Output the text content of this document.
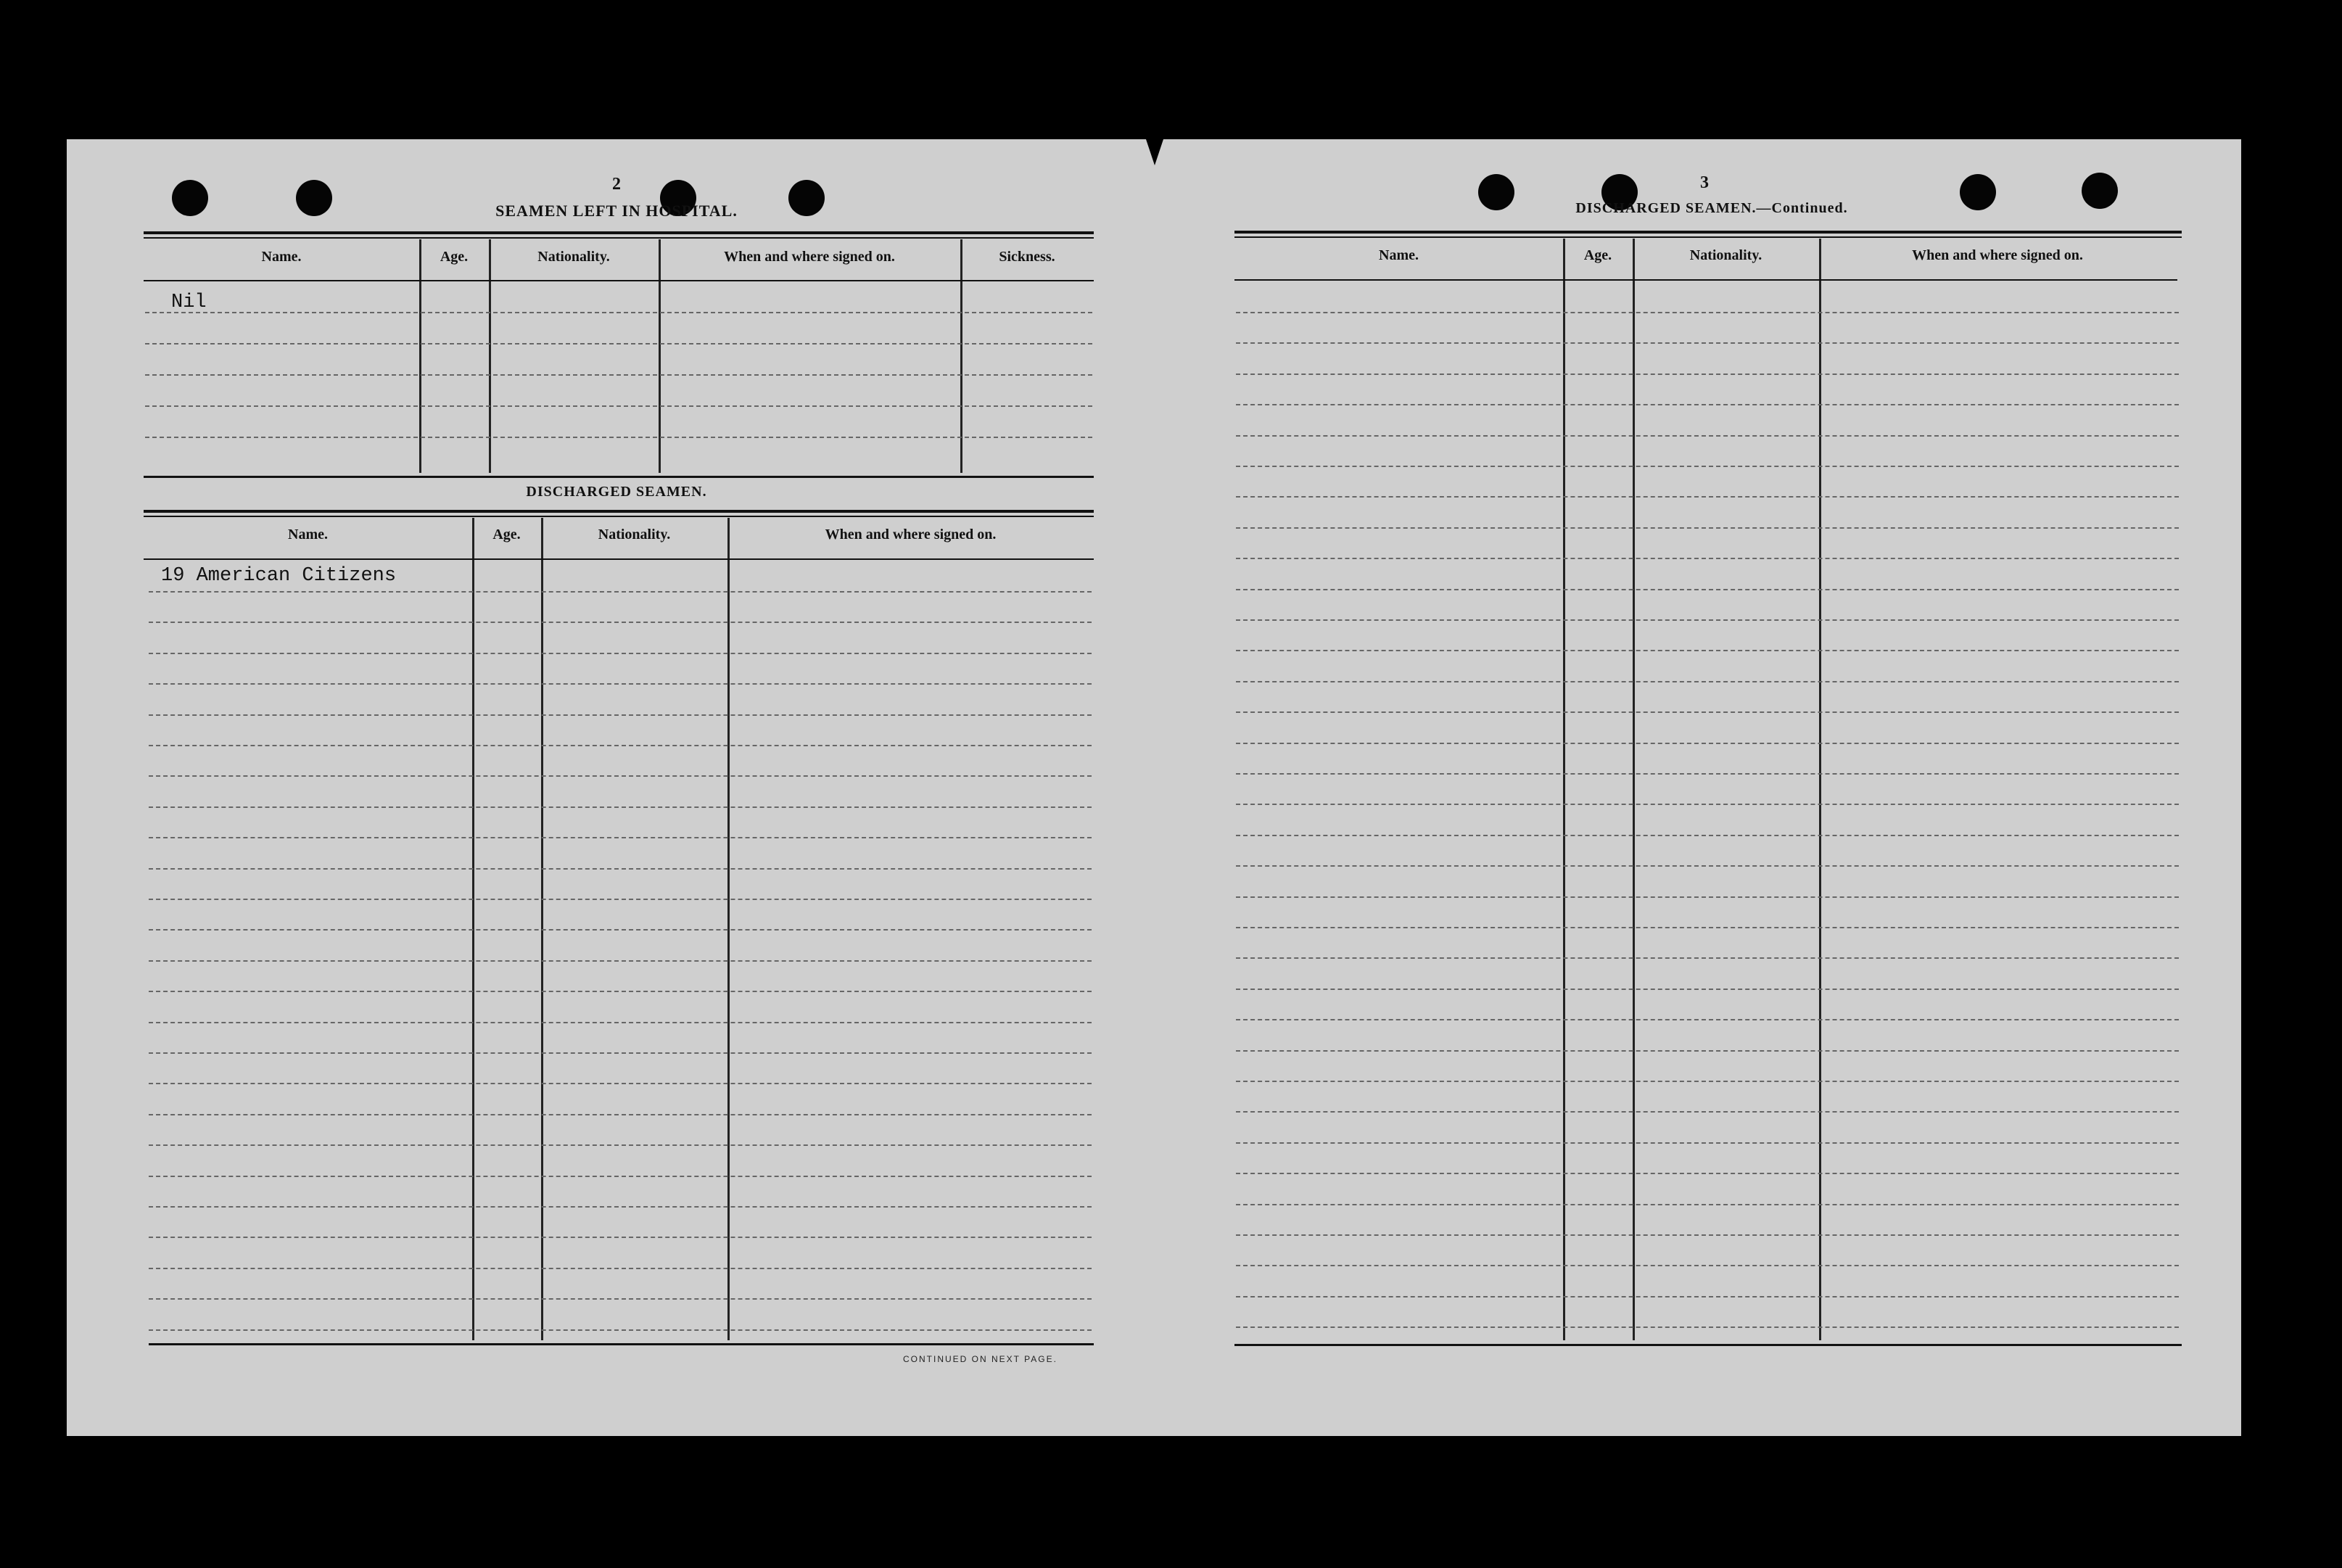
2
SEAMEN LEFT IN HOSPITAL.
Name.	Age.	Nationality.	When and where signed on.	Sickness.
Nil
DISCHARGED SEAMEN.
Name.	Age.	Nationality.	When and where signed on.
19 American Citizens
CONTINUED ON NEXT PAGE.
3
DISCHARGED SEAMEN.—Continued.
Name.	Age.	Nationality.	When and where signed on.
